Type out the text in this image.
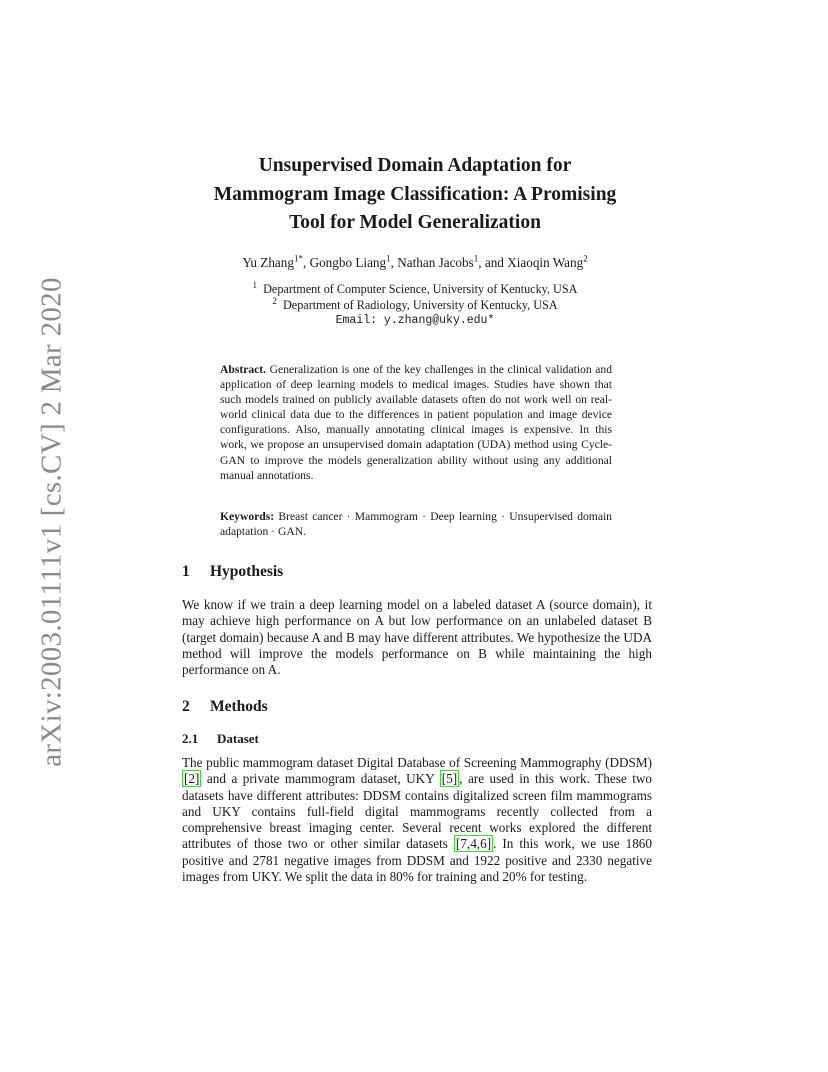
arXiv:2003.01111v1 [cs.CV] 2 Mar 2020
Unsupervised Domain Adaptation for
Mammogram Image Classification: A Promising
Tool for Model Generalization
Yu Zhang$^{1*}$, Gongbo Liang$^1$, Nathan Jacobs$^1$, and Xiaoqin Wang$^2$
$^1$ Department of Computer Science, University of Kentucky, USA
$^2$ Department of Radiology, University of Kentucky, USA
Email: y.zhang@uky.edu*
Abstract. Generalization is one of the key challenges in the clinical validation and application of deep learning models to medical images. Studies have shown that such models trained on publicly available datasets often do not work well on real-world clinical data due to the differences in patient population and image device configurations. Also, manually annotating clinical images is expensive. In this work, we propose an unsupervised domain adaptation (UDA) method using Cycle-GAN to improve the models generalization ability without using any additional manual annotations.
Keywords: Breast cancer · Mammogram · Deep learning · Unsupervised domain adaptation · GAN.
1 Hypothesis
We know if we train a deep learning model on a labeled dataset A (source domain), it may achieve high performance on A but low performance on an unlabeled dataset B (target domain) because A and B may have different attributes. We hypothesize the UDA method will improve the models performance on B while maintaining the high performance on A.
2 Methods
2.1 Dataset
The public mammogram dataset Digital Database of Screening Mammography (DDSM) [2] and a private mammogram dataset, UKY [5] , are used in this work. These two datasets have different attributes: DDSM contains digitalized screen film mammograms and UKY contains full-field digital mammograms recently collected from a comprehensive breast imaging center. Several recent works explored the different attributes of those two or other similar datasets [7,4,6] . In this work, we use 1860 positive and 2781 negative images from DDSM and 1922 positive and 2330 negative images from UKY. We split the data in 80% for training and 20% for testing.
